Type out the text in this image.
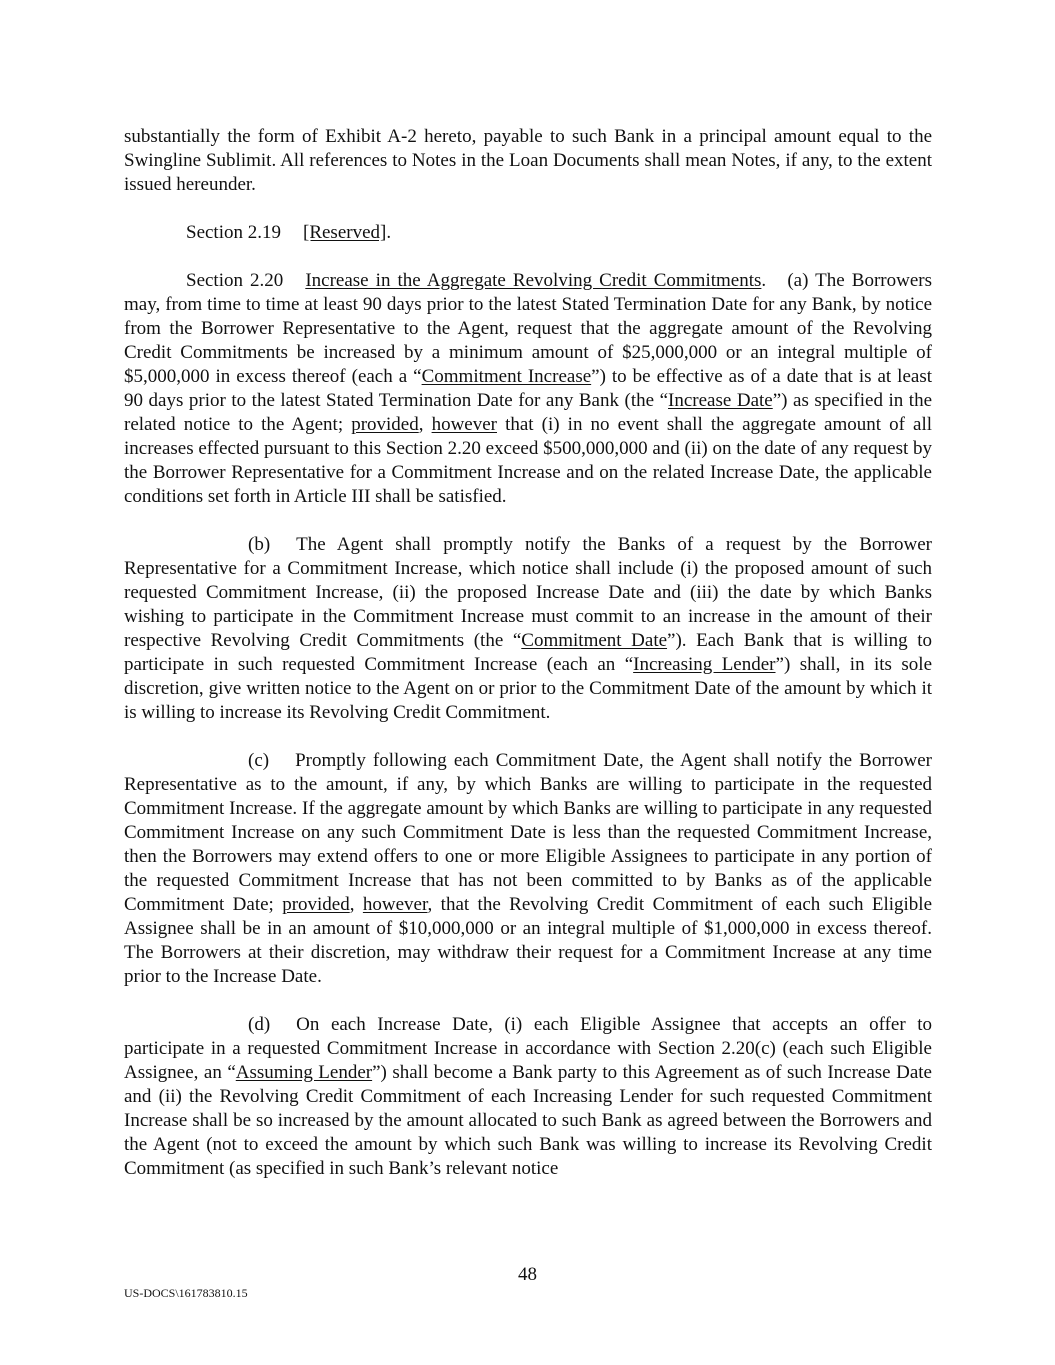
substantially the form of Exhibit A-2 hereto, payable to such Bank in a principal amount equal to the Swingline Sublimit. All references to Notes in the Loan Documents shall mean Notes, if any, to the extent issued hereunder.

Section 2.19 [Reserved].

Section 2.20 Increase in the Aggregate Revolving Credit Commitments.   (a) The Borrowers may, from time to time at least 90 days prior to the latest Stated Termination Date for any Bank, by notice from the Borrower Representative to the Agent, request that the aggregate amount of the Revolving Credit Commitments be increased by a minimum amount of $25,000,000 or an integral multiple of $5,000,000 in excess thereof (each a “Commitment Increase”) to be effective as of a date that is at least 90 days prior to the latest Stated Termination Date for any Bank (the “Increase Date”) as specified in the related notice to the Agent; provided, however that (i) in no event shall the aggregate amount of all increases effected pursuant to this Section 2.20 exceed $500,000,000 and (ii) on the date of any request by the Borrower Representative for a Commitment Increase and on the related Increase Date, the applicable conditions set forth in Article III shall be satisfied.

(b) The Agent shall promptly notify the Banks of a request by the Borrower Representative for a Commitment Increase, which notice shall include (i) the proposed amount of such requested Commitment Increase, (ii) the proposed Increase Date and (iii) the date by which Banks wishing to participate in the Commitment Increase must commit to an increase in the amount of their respective Revolving Credit Commitments (the “Commitment Date”). Each Bank that is willing to participate in such requested Commitment Increase (each an “Increasing Lender”) shall, in its sole discretion, give written notice to the Agent on or prior to the Commitment Date of the amount by which it is willing to increase its Revolving Credit Commitment.

(c) Promptly following each Commitment Date, the Agent shall notify the Borrower Representative as to the amount, if any, by which Banks are willing to participate in the requested Commitment Increase. If the aggregate amount by which Banks are willing to participate in any requested Commitment Increase on any such Commitment Date is less than the requested Commitment Increase, then the Borrowers may extend offers to one or more Eligible Assignees to participate in any portion of the requested Commitment Increase that has not been committed to by Banks as of the applicable Commitment Date; provided, however, that the Revolving Credit Commitment of each such Eligible Assignee shall be in an amount of $10,000,000 or an integral multiple of $1,000,000 in excess thereof. The Borrowers at their discretion, may withdraw their request for a Commitment Increase at any time prior to the Increase Date.

(d) On each Increase Date, (i) each Eligible Assignee that accepts an offer to participate in a requested Commitment Increase in accordance with Section 2.20(c) (each such Eligible Assignee, an “Assuming Lender”) shall become a Bank party to this Agreement as of such Increase Date and (ii) the Revolving Credit Commitment of each Increasing Lender for such requested Commitment Increase shall be so increased by the amount allocated to such Bank as agreed between the Borrowers and the Agent (not to exceed the amount by which such Bank was willing to increase its Revolving Credit Commitment (as specified in such Bank’s relevant notice

48
US-DOCS\161783810.15
